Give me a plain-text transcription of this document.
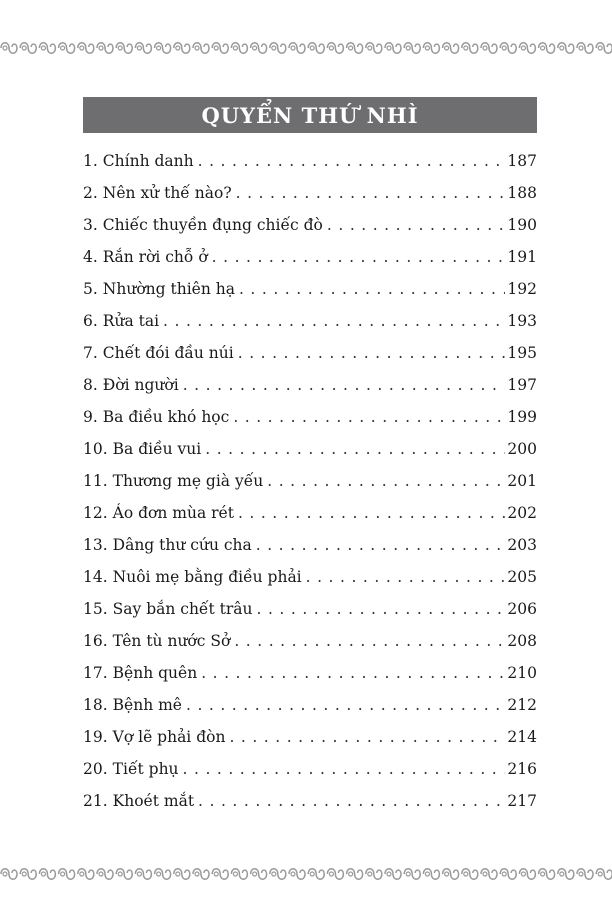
QUYỂN THỨ NHÌ
1. Chính danh . . .	187
2. Nên xử thế nào? . . .	188
3. Chiếc thuyền đụng chiếc đò . . .	190
4. Rắn rời chỗ ở . . .	191
5. Nhường thiên hạ . . .	192
6. Rửa tai . . .	193
7. Chết đói đầu núi . . .	195
8. Đời người . . .	197
9. Ba điều khó học . . .	199
10. Ba điều vui . . .	200
11. Thương mẹ già yếu . . .	201
12. Áo đơn mùa rét . . .	202
13. Dâng thư cứu cha . . .	203
14. Nuôi mẹ bằng điều phải . . .	205
15. Say bắn chết trâu . . .	206
16. Tên tù nước Sở . . .	208
17. Bệnh quên . . .	210
18. Bệnh mê . . .	212
19. Vợ lẽ phải đòn . . .	214
20. Tiết phụ . . .	216
21. Khoét mắt . . .	217
